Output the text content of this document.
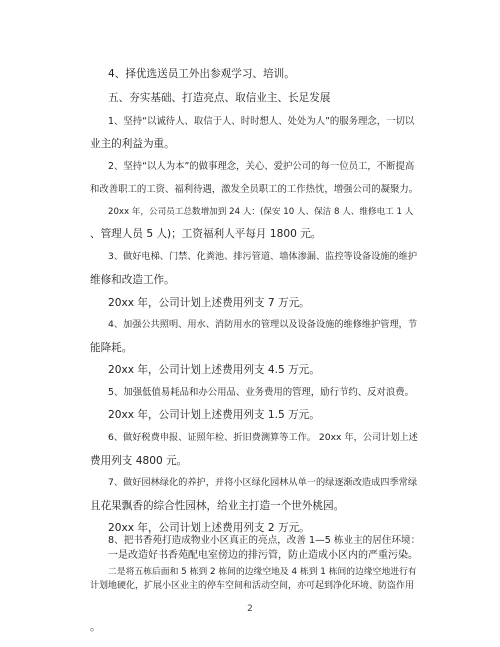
4、择优选送员工外出参观学习、培训。
五、夯实基础、打造亮点、取信业主、长足发展
1、坚持“以诚待人、取信于人、时时想人、处处为人”的服务理念，一切以
业主的利益为重。
2、坚持“以人为本”的做事理念，关心、爱护公司的每一位员工，不断提高
和改善职工的工资、福利待遇，激发全员职工的工作热忱，增强公司的凝聚力。
20xx 年，公司员工总数增加到 24 人：(保安 10 人、保洁 8 人、维修电工 1 人
、管理人员 5 人)；工资福利人平每月 1800 元。
3、做好电梯、门禁、化粪池、排污管道、墙体渗漏、监控等设备设施的维护
维修和改造工作。
20xx 年，公司计划上述费用列支 7 万元。
4、加强公共照明、用水、消防用水的管理以及设备设施的维修维护管理，节
能降耗。
20xx 年，公司计划上述费用列支 4.5 万元。
5、加强低值易耗品和办公用品、业务费用的管理，励行节约、反对浪费。
20xx 年，公司计划上述费用列支 1.5 万元。
6、做好税费申报、证照年检、折旧费测算等工作。 20xx 年，公司计划上述
费用列支 4800 元。
7、做好园林绿化的养护，并将小区绿化园林从单一的绿逐渐改造成四季常绿
且花果飘香的综合性园林，给业主打造一个世外桃园。
20xx 年，公司计划上述费用列支 2 万元。
8、把书香苑打造成物业小区真正的亮点，改善 1—5 栋业主的居住环境：
一是改造好书香苑配电室傍边的排污管，防止造成小区内的严重污染。
二是将五栋后面和 5 栋到 2 栋间的边缘空地及 4 栋到 1 栋间的边缘空地进行有
计划地硬化，扩展小区业主的停车空间和活动空间，亦可起到净化环境、防盗作用
。
2
